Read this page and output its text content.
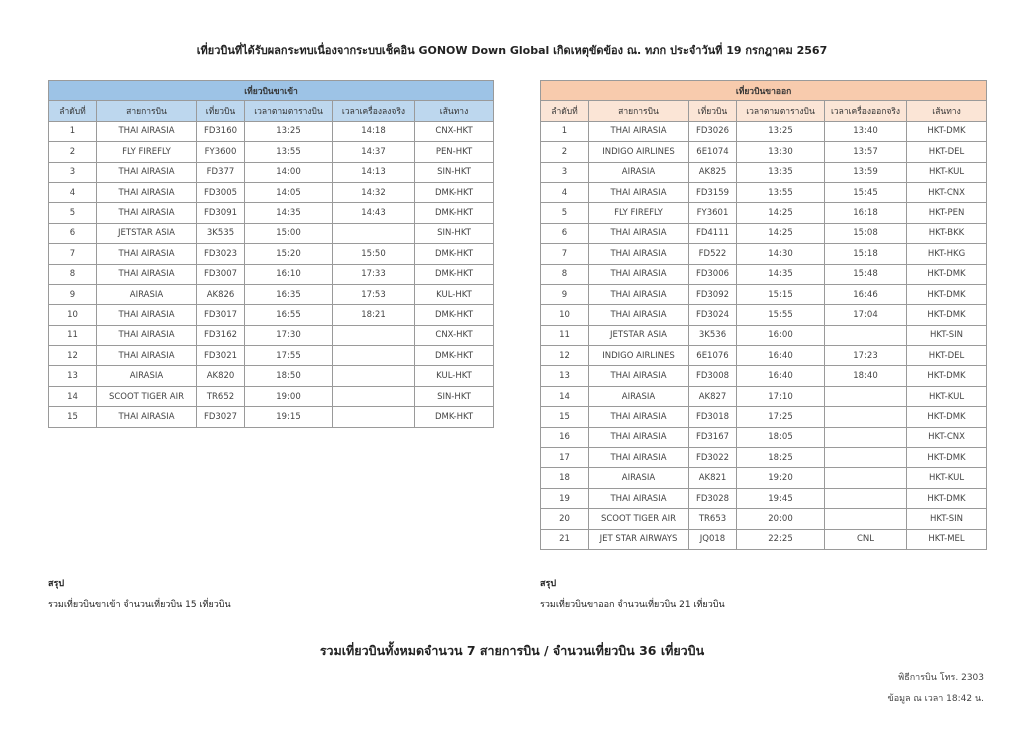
เที่ยวบินที่ได้รับผลกระทบเนื่องจากระบบเช็คอิน GONOW Down Global เกิดเหตุขัดข้อง ณ. ทภก ประจำวันที่ 19 กรกฎาคม 2567
เที่ยวบินขาเข้า					
ลำดับที่	สายการบิน	เที่ยวบิน	เวลาตามตารางบิน	เวลาเครื่องลงจริง	เส้นทาง
1	THAI AIRASIA	FD3160	13:25	14:18	CNX-HKT
2	FLY FIREFLY	FY3600	13:55	14:37	PEN-HKT
3	THAI AIRASIA	FD377	14:00	14:13	SIN-HKT
4	THAI AIRASIA	FD3005	14:05	14:32	DMK-HKT
5	THAI AIRASIA	FD3091	14:35	14:43	DMK-HKT
6	JETSTAR ASIA	3K535	15:00		SIN-HKT
7	THAI AIRASIA	FD3023	15:20	15:50	DMK-HKT
8	THAI AIRASIA	FD3007	16:10	17:33	DMK-HKT
9	AIRASIA	AK826	16:35	17:53	KUL-HKT
10	THAI AIRASIA	FD3017	16:55	18:21	DMK-HKT
11	THAI AIRASIA	FD3162	17:30		CNX-HKT
12	THAI AIRASIA	FD3021	17:55		DMK-HKT
13	AIRASIA	AK820	18:50		KUL-HKT
14	SCOOT TIGER AIR	TR652	19:00		SIN-HKT
15	THAI AIRASIA	FD3027	19:15		DMK-HKT
เที่ยวบินขาออก					
ลำดับที่	สายการบิน	เที่ยวบิน	เวลาตามตารางบิน	เวลาเครื่องออกจริง	เส้นทาง
1	THAI AIRASIA	FD3026	13:25	13:40	HKT-DMK
2	INDIGO AIRLINES	6E1074	13:30	13:57	HKT-DEL
3	AIRASIA	AK825	13:35	13:59	HKT-KUL
4	THAI AIRASIA	FD3159	13:55	15:45	HKT-CNX
5	FLY FIREFLY	FY3601	14:25	16:18	HKT-PEN
6	THAI AIRASIA	FD4111	14:25	15:08	HKT-BKK
7	THAI AIRASIA	FD522	14:30	15:18	HKT-HKG
8	THAI AIRASIA	FD3006	14:35	15:48	HKT-DMK
9	THAI AIRASIA	FD3092	15:15	16:46	HKT-DMK
10	THAI AIRASIA	FD3024	15:55	17:04	HKT-DMK
11	JETSTAR ASIA	3K536	16:00		HKT-SIN
12	INDIGO AIRLINES	6E1076	16:40	17:23	HKT-DEL
13	THAI AIRASIA	FD3008	16:40	18:40	HKT-DMK
14	AIRASIA	AK827	17:10		HKT-KUL
15	THAI AIRASIA	FD3018	17:25		HKT-DMK
16	THAI AIRASIA	FD3167	18:05		HKT-CNX
17	THAI AIRASIA	FD3022	18:25		HKT-DMK
18	AIRASIA	AK821	19:20		HKT-KUL
19	THAI AIRASIA	FD3028	19:45		HKT-DMK
20	SCOOT TIGER AIR	TR653	20:00		HKT-SIN
21	JET STAR AIRWAYS	JQ018	22:25	CNL	HKT-MEL
สรุป
รวมเที่ยวบินขาเข้า จำนวนเที่ยวบิน 15 เที่ยวบิน
สรุป
รวมเที่ยวบินขาออก จำนวนเที่ยวบิน 21 เที่ยวบิน
รวมเที่ยวบินทั้งหมดจำนวน 7 สายการบิน / จำนวนเที่ยวบิน 36 เที่ยวบิน
พิธีการบิน โทร. 2303
ข้อมูล ณ เวลา 18:42 น.
